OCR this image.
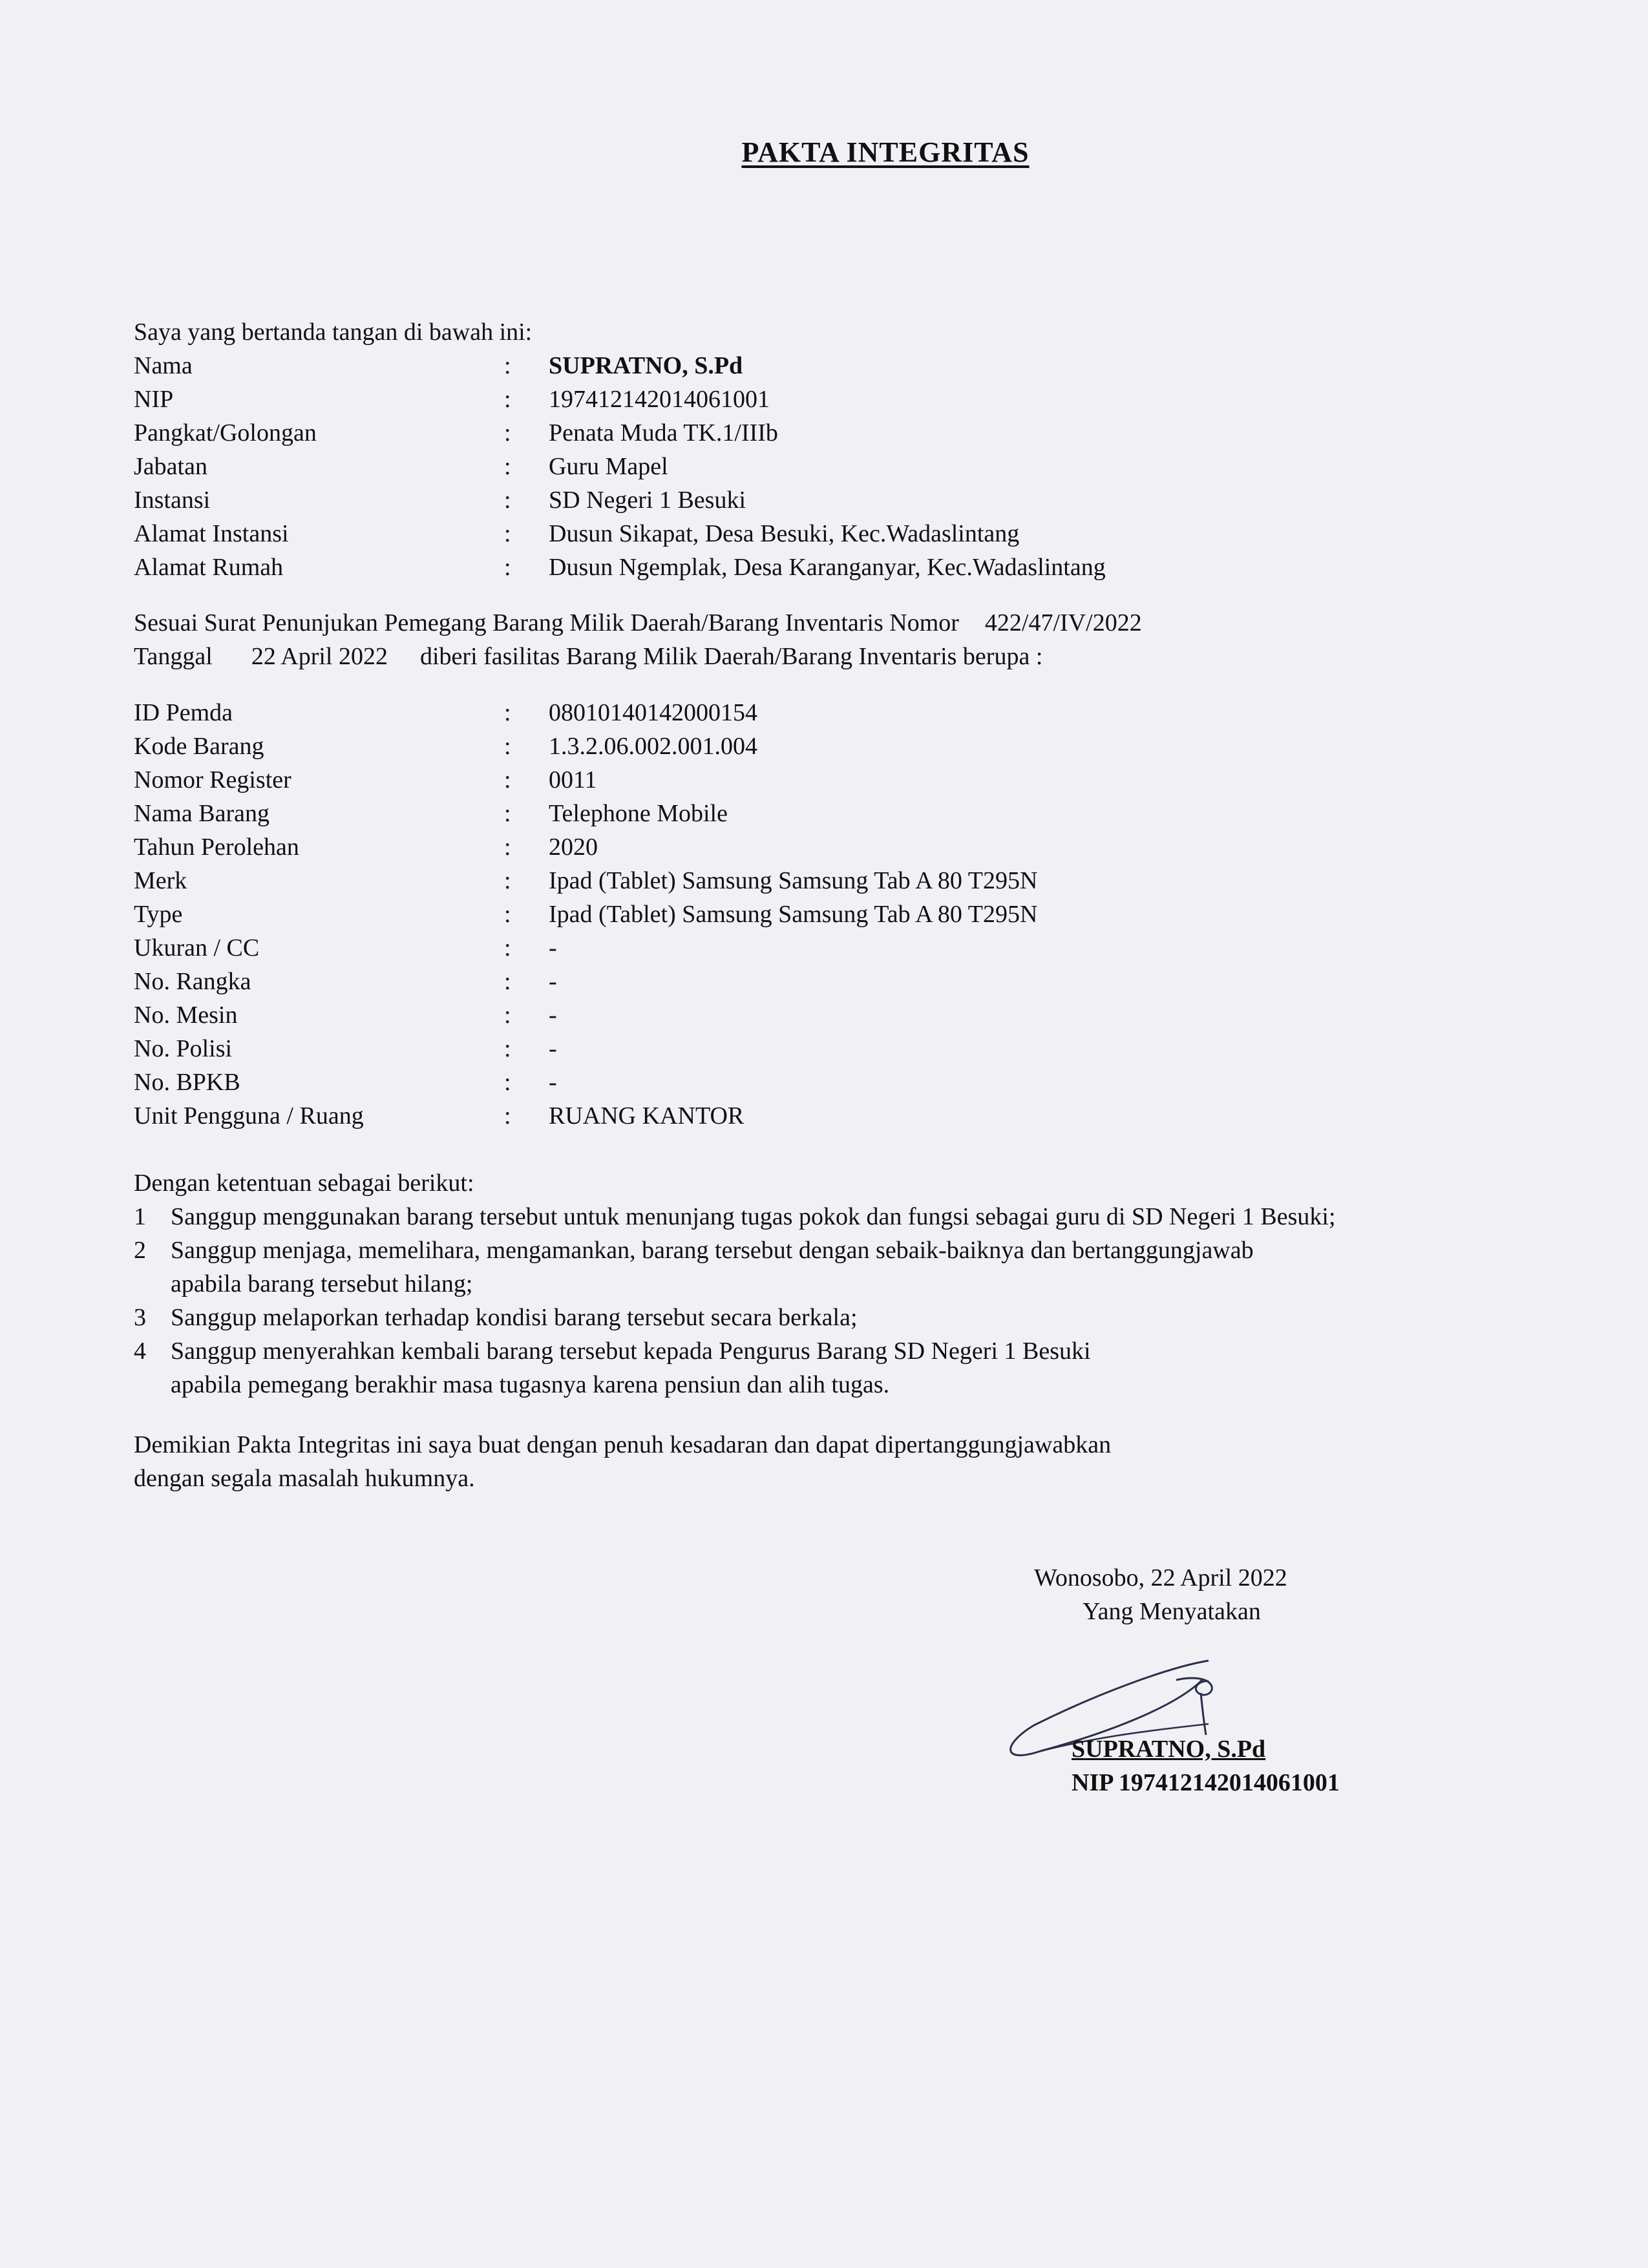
PAKTA INTEGRITAS
Saya yang bertanda tangan di bawah ini:
Nama	: SUPRATNO, S.Pd
NIP	: 197412142014061001
Pangkat/Golongan	: Penata Muda TK.1/IIIb
Jabatan	: Guru Mapel
Instansi	: SD Negeri 1 Besuki
Alamat Instansi	: Dusun Sikapat, Desa Besuki, Kec.Wadaslintang
Alamat Rumah	: Dusun Ngemplak, Desa Karanganyar, Kec.Wadaslintang
Sesuai Surat Penunjukan Pemegang Barang Milik Daerah/Barang Inventaris Nomor 422/47/IV/2022
Tanggal 22 April 2022 diberi fasilitas Barang Milik Daerah/Barang Inventaris berupa :
ID Pemda	: 08010140142000154
Kode Barang	: 1.3.2.06.002.001.004
Nomor Register	: 0011
Nama Barang	: Telephone Mobile
Tahun Perolehan	: 2020
Merk	: Ipad (Tablet) Samsung Samsung Tab A 80 T295N
Type	: Ipad (Tablet) Samsung Samsung Tab A 80 T295N
Ukuran / CC	: -
No. Rangka	: -
No. Mesin	: -
No. Polisi	: -
No. BPKB	: -
Unit Pengguna / Ruang	: RUANG KANTOR
Dengan ketentuan sebagai berikut:
1 Sanggup menggunakan barang tersebut untuk menunjang tugas pokok dan fungsi sebagai guru di SD Negeri 1 Besuki;
2 Sanggup menjaga, memelihara, mengamankan, barang tersebut dengan sebaik-baiknya dan bertanggungjawab
apabila barang tersebut hilang;
3 Sanggup melaporkan terhadap kondisi barang tersebut secara berkala;
4 Sanggup menyerahkan kembali barang tersebut kepada Pengurus Barang SD Negeri 1 Besuki
apabila pemegang berakhir masa tugasnya karena pensiun dan alih tugas.
Demikian Pakta Integritas ini saya buat dengan penuh kesadaran dan dapat dipertanggungjawabkan
dengan segala masalah hukumnya.
Wonosobo, 22 April 2022
Yang Menyatakan
SUPRATNO, S.Pd
NIP 197412142014061001
